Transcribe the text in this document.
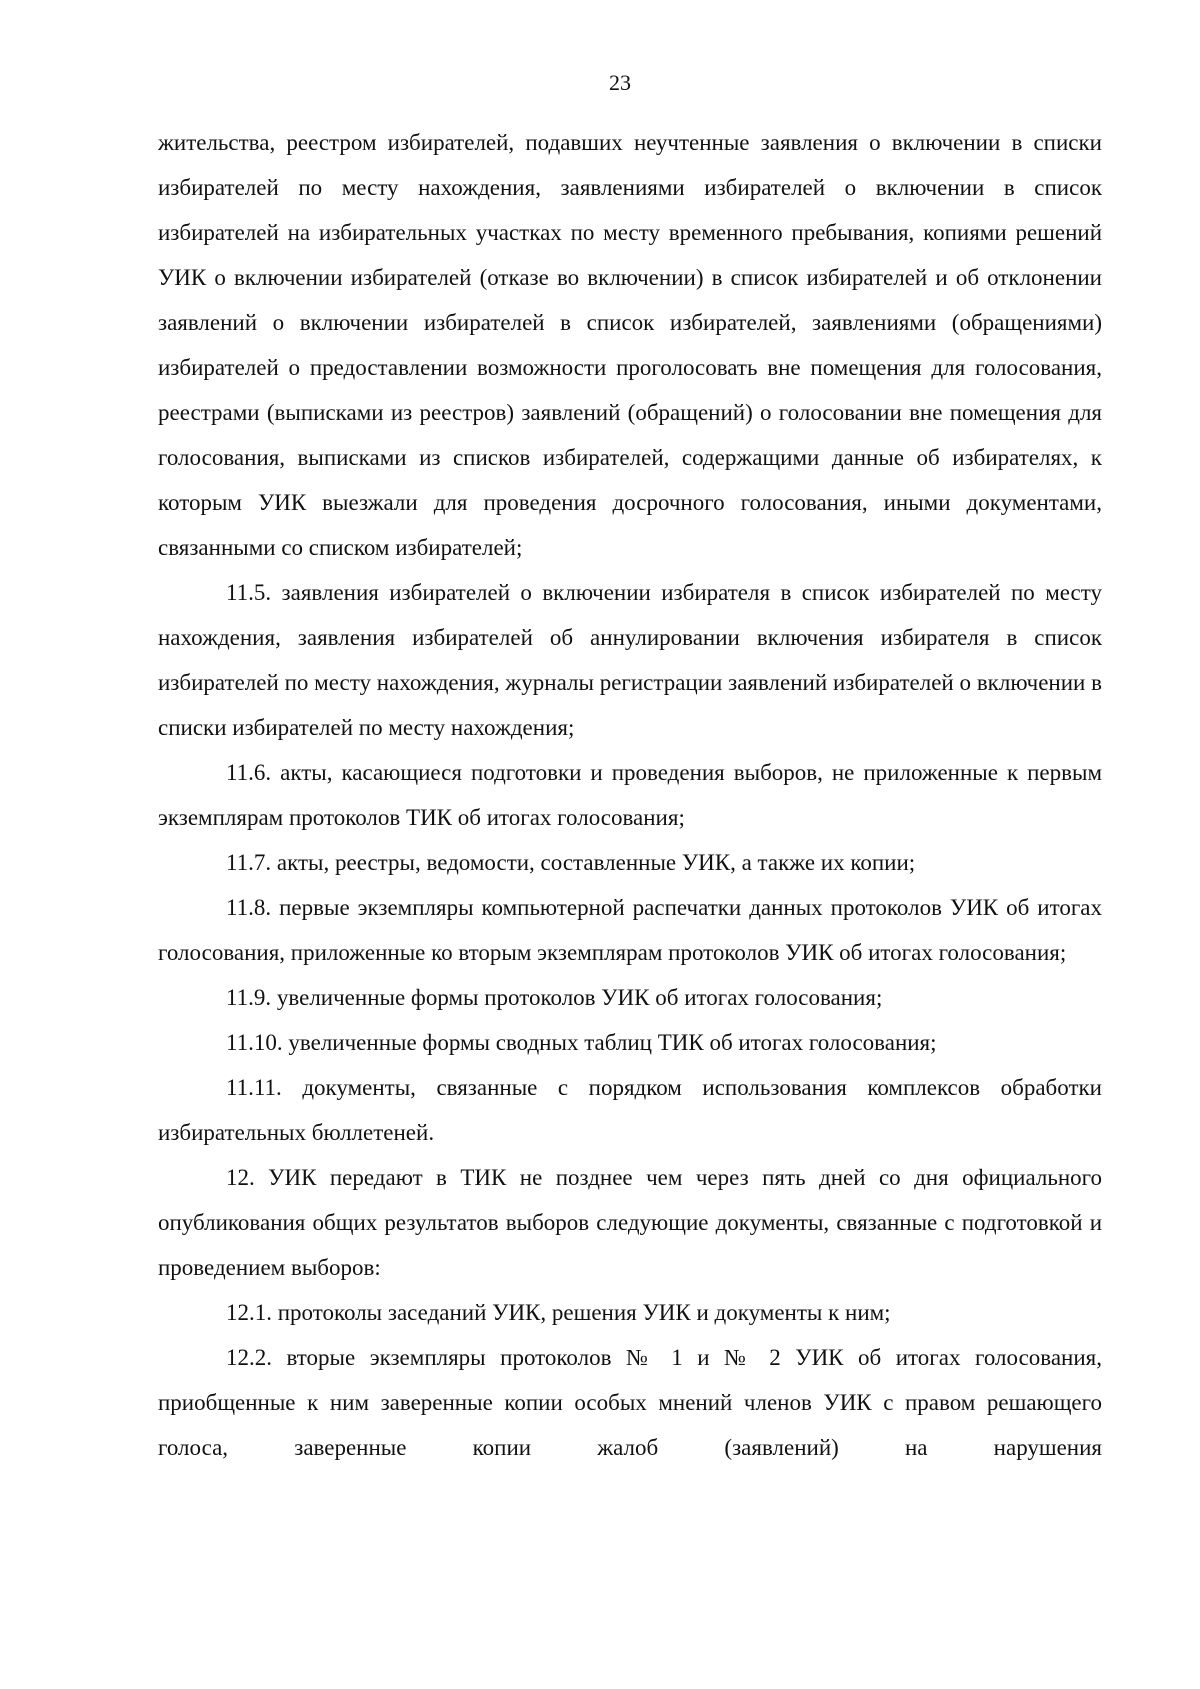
23

жительства, реестром избирателей, подавших неучтенные заявления о включении в списки избирателей по месту нахождения, заявлениями избирателей о включении в список избирателей на избирательных участках по месту временного пребывания, копиями решений УИК о включении избирателей (отказе во включении) в список избирателей и об отклонении заявлений о включении избирателей в список избирателей, заявлениями (обращениями) избирателей о предоставлении возможности проголосовать вне помещения для голосования, реестрами (выписками из реестров) заявлений (обращений) о голосовании вне помещения для голосования, выписками из списков избирателей, содержащими данные об избирателях, к которым УИК выезжали для проведения досрочного голосования, иными документами, связанными со списком избирателей;

11.5. заявления избирателей о включении избирателя в список избирателей по месту нахождения, заявления избирателей об аннулировании включения избирателя в список избирателей по месту нахождения, журналы регистрации заявлений избирателей о включении в списки избирателей по месту нахождения;

11.6. акты, касающиеся подготовки и проведения выборов, не приложенные к первым экземплярам протоколов ТИК об итогах голосования;

11.7. акты, реестры, ведомости, составленные УИК, а также их копии;

11.8. первые экземпляры компьютерной распечатки данных протоколов УИК об итогах голосования, приложенные ко вторым экземплярам протоколов УИК об итогах голосования;

11.9. увеличенные формы протоколов УИК об итогах голосования;

11.10. увеличенные формы сводных таблиц ТИК об итогах голосования;

11.11. документы, связанные с порядком использования комплексов обработки избирательных бюллетеней.

12. УИК передают в ТИК не позднее чем через пять дней со дня официального опубликования общих результатов выборов следующие документы, связанные с подготовкой и проведением выборов:

12.1. протоколы заседаний УИК, решения УИК и документы к ним;

12.2. вторые экземпляры протоколов № 1 и № 2 УИК об итогах голосования, приобщенные к ним заверенные копии особых мнений членов УИК с правом решающего голоса, заверенные копии жалоб (заявлений) на нарушения
